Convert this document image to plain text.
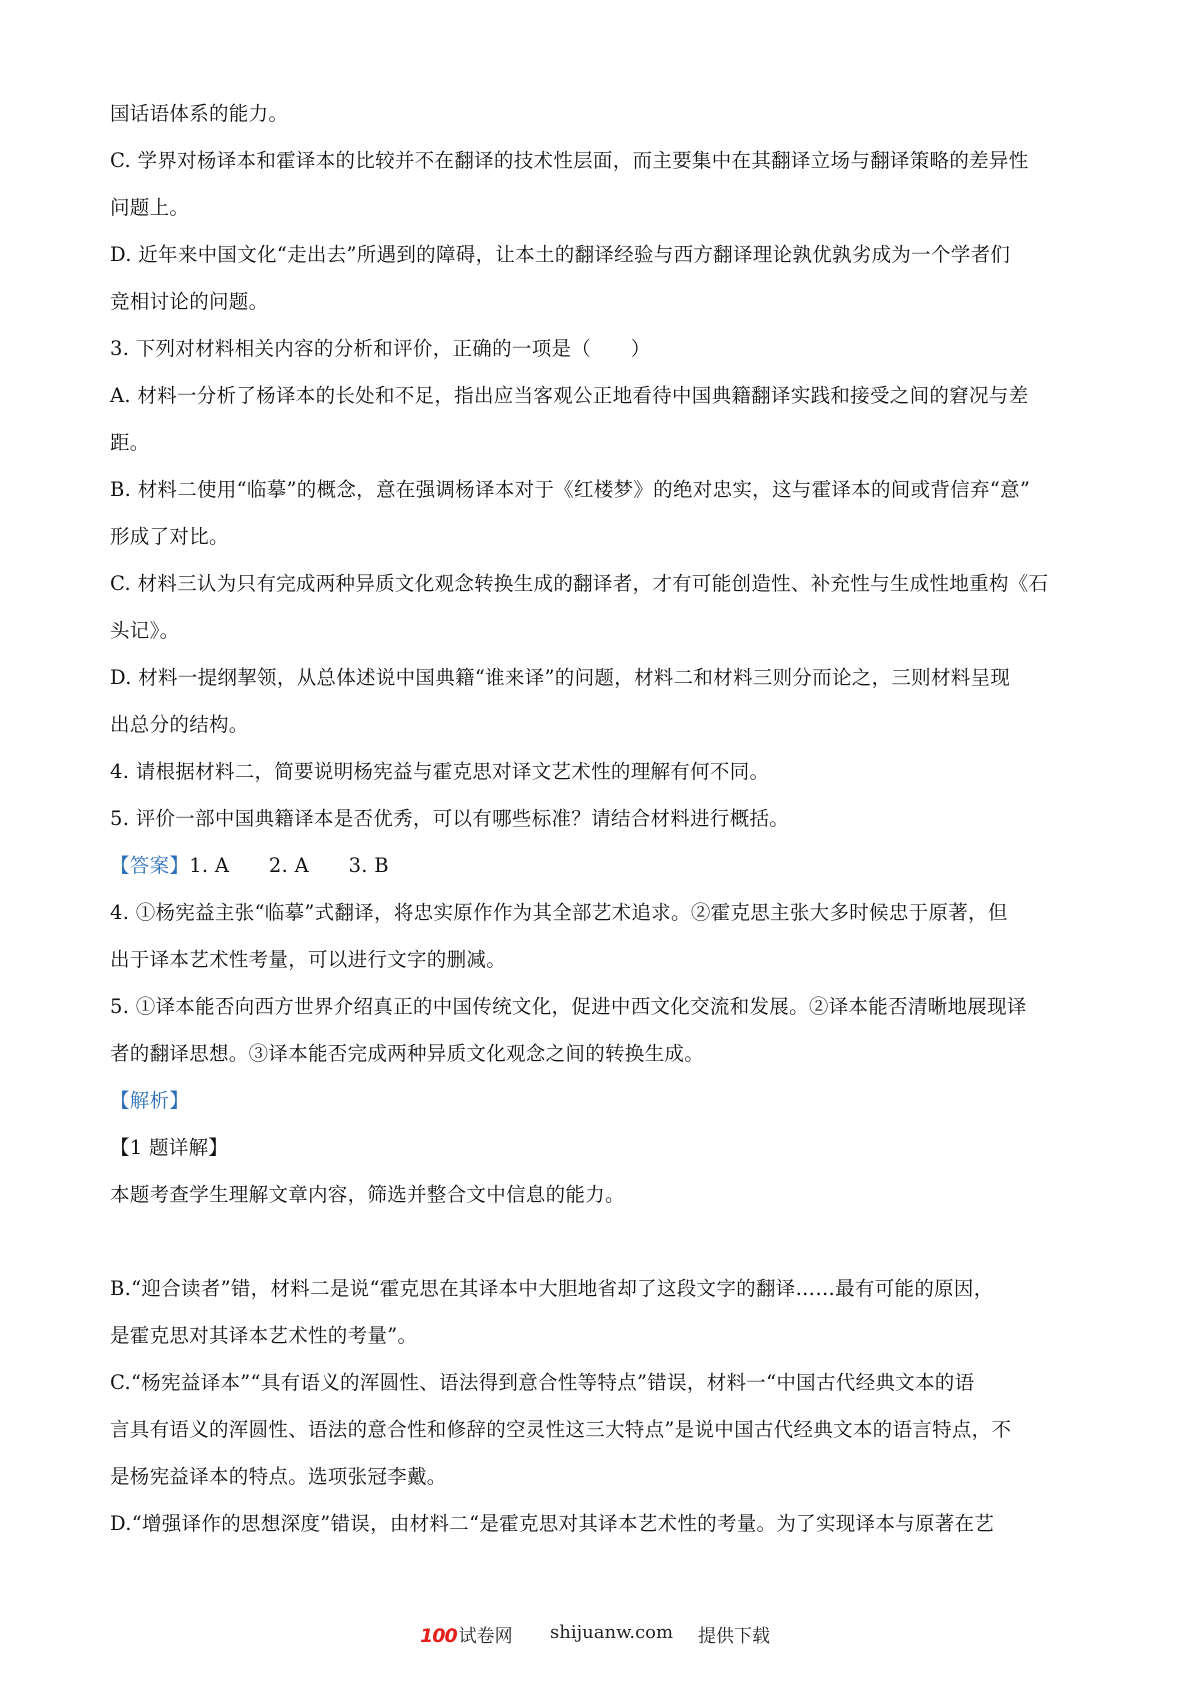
国话语体系的能力。

C. 学界对杨译本和霍译本的比较并不在翻译的技术性层面，而主要集中在其翻译立场与翻译策略的差异性

问题上。

D. 近年来中国文化“走出去”所遇到的障碍，让本土的翻译经验与西方翻译理论孰优孰劣成为一个学者们

竞相讨论的问题。

3. 下列对材料相关内容的分析和评价，正确的一项是（　　）

A. 材料一分析了杨译本的长处和不足，指出应当客观公正地看待中国典籍翻译实践和接受之间的窘况与差

距。

B. 材料二使用“临摹”的概念，意在强调杨译本对于《红楼梦》的绝对忠实，这与霍译本的间或背信弃“意”

形成了对比。

C. 材料三认为只有完成两种异质文化观念转换生成的翻译者，才有可能创造性、补充性与生成性地重构《石

头记》。

D. 材料一提纲挈领，从总体述说中国典籍“谁来译”的问题，材料二和材料三则分而论之，三则材料呈现

出总分的结构。

4. 请根据材料二，简要说明杨宪益与霍克思对译文艺术性的理解有何不同。

5. 评价一部中国典籍译本是否优秀，可以有哪些标准？请结合材料进行概括。

【答案】1. A　　2. A　　3. B

4. ①杨宪益主张“临摹”式翻译，将忠实原作作为其全部艺术追求。②霍克思主张大多时候忠于原著，但

出于译本艺术性考量，可以进行文字的删减。

5. ①译本能否向西方世界介绍真正的中国传统文化，促进中西文化交流和发展。②译本能否清晰地展现译

者的翻译思想。③译本能否完成两种异质文化观念之间的转换生成。

【解析】

【1 题详解】

本题考查学生理解文章内容，筛选并整合文中信息的能力。

B.“迎合读者”错，材料二是说“霍克思在其译本中大胆地省却了这段文字的翻译……最有可能的原因，

是霍克思对其译本艺术性的考量”。

C.“杨宪益译本”“具有语义的浑圆性、语法得到意合性等特点”错误，材料一“中国古代经典文本的语

言具有语义的浑圆性、语法的意合性和修辞的空灵性这三大特点”是说中国古代经典文本的语言特点，不

是杨宪益译本的特点。选项张冠李戴。

D.“增强译作的思想深度”错误，由材料二“是霍克思对其译本艺术性的考量。为了实现译本与原著在艺

100 试卷网 shijuanw.com 提供下载
